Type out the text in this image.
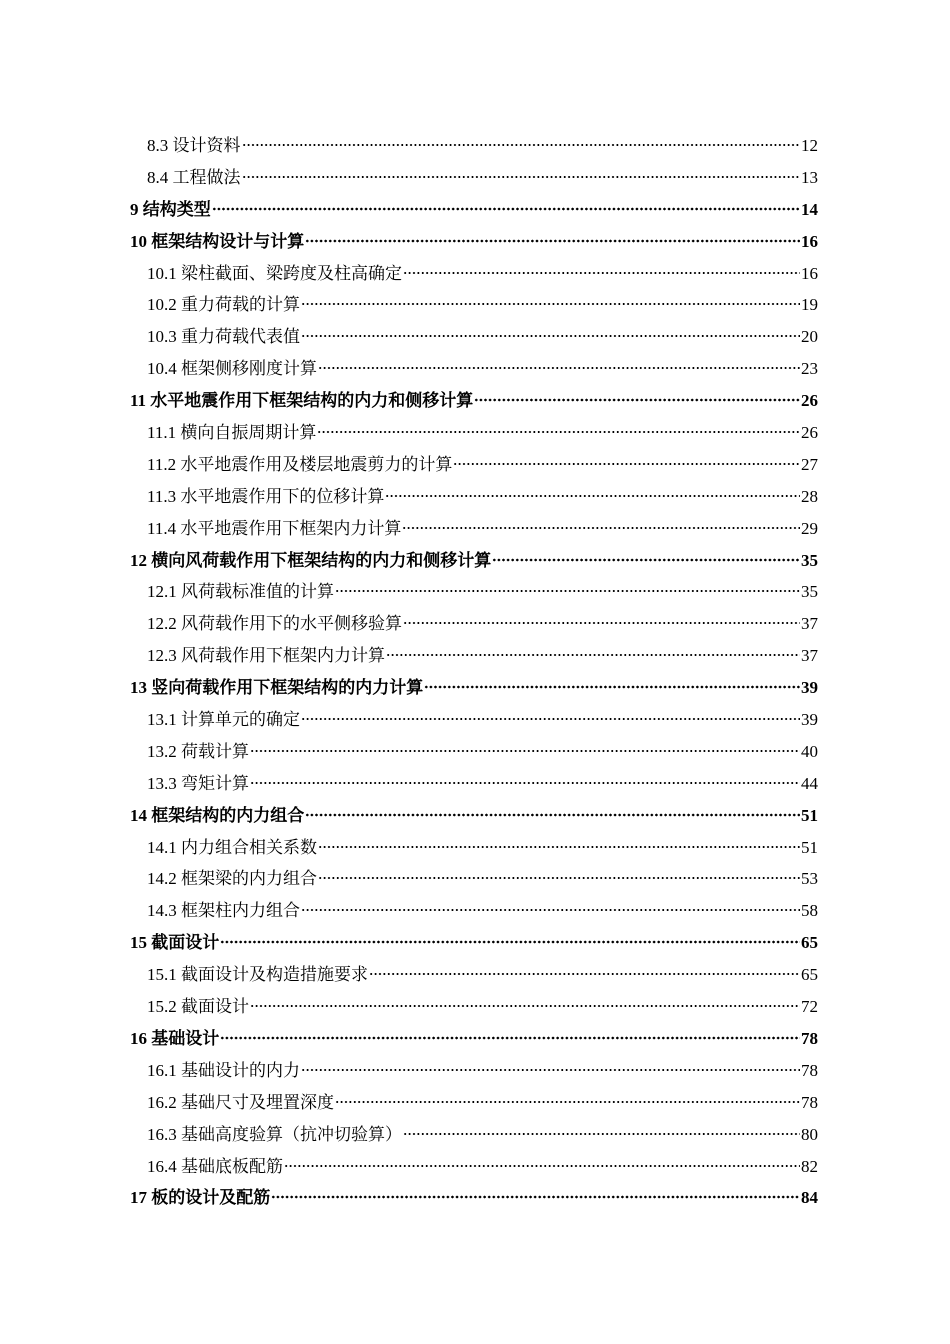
8.3 设计资料	12
8.4 工程做法	13
9 结构类型	14
10 框架结构设计与计算	16
10.1 梁柱截面、梁跨度及柱高确定	16
10.2 重力荷载的计算	19
10.3 重力荷载代表值	20
10.4 框架侧移刚度计算	23
11 水平地震作用下框架结构的内力和侧移计算	26
11.1 横向自振周期计算	26
11.2 水平地震作用及楼层地震剪力的计算	27
11.3 水平地震作用下的位移计算	28
11.4 水平地震作用下框架内力计算	29
12 横向风荷载作用下框架结构的内力和侧移计算	35
12.1 风荷载标准值的计算	35
12.2 风荷载作用下的水平侧移验算	37
12.3 风荷载作用下框架内力计算	37
13 竖向荷载作用下框架结构的内力计算	39
13.1 计算单元的确定	39
13.2 荷载计算	40
13.3 弯矩计算	44
14 框架结构的内力组合	51
14.1 内力组合相关系数	51
14.2 框架梁的内力组合	53
14.3 框架柱内力组合	58
15 截面设计	65
15.1 截面设计及构造措施要求	65
15.2 截面设计	72
16 基础设计	78
16.1 基础设计的内力	78
16.2 基础尺寸及埋置深度	78
16.3 基础高度验算（抗冲切验算）	80
16.4 基础底板配筋	82
17 板的设计及配筋	84
